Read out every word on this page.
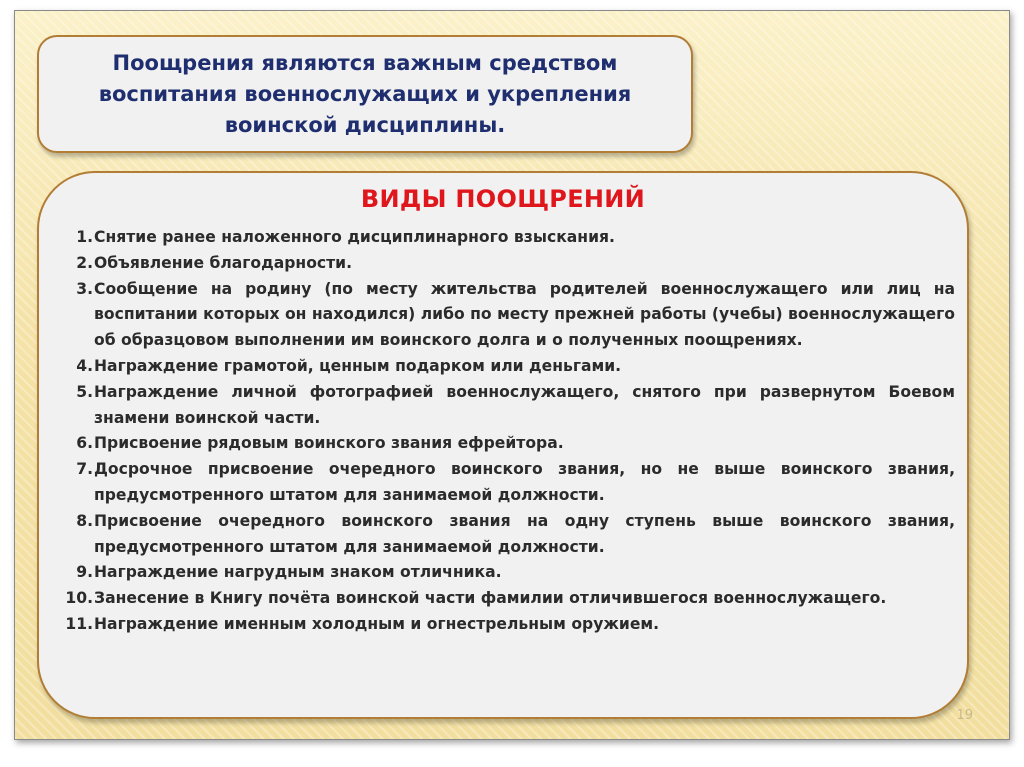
Поощрения являются важным средством воспитания военнослужащих и укрепления воинской дисциплины.
ВИДЫ ПООЩРЕНИЙ
1. Снятие ранее наложенного дисциплинарного взыскания.
2. Объявление благодарности.
3. Сообщение на родину (по месту жительства родителей военнослужащего или лиц на воспитании которых он находился) либо по месту прежней работы (учебы) военнослужащего об образцовом выполнении им воинского долга и о полученных поощрениях.
4. Награждение грамотой, ценным подарком или деньгами.
5. Награждение личной фотографией военнослужащего, снятого при развернутом Боевом знамени воинской части.
6. Присвоение рядовым воинского звания ефрейтора.
7. Досрочное присвоение очередного воинского звания, но не выше воинского звания, предусмотренного штатом для занимаемой должности.
8. Присвоение очередного воинского звания на одну ступень выше воинского звания, предусмотренного штатом для занимаемой должности.
9. Награждение нагрудным знаком отличника.
10. Занесение в Книгу почёта воинской части фамилии отличившегося военнослужащего.
11. Награждение именным холодным и огнестрельным оружием.
19
